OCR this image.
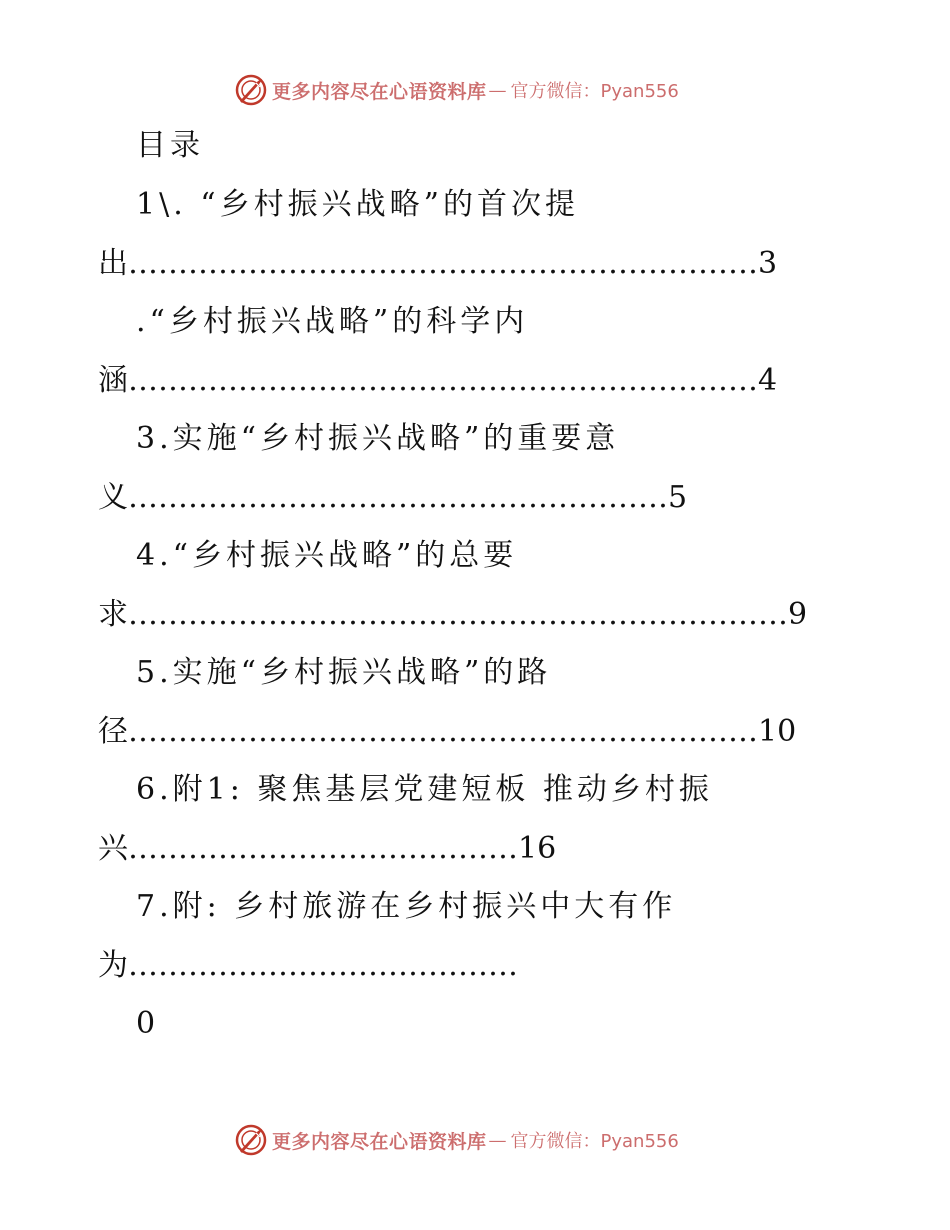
更多内容尽在心语资料库 — 官方微信：Pyan556
目录
1\. “乡村振兴战略”的首次提
出………………………………………………………3
.“乡村振兴战略”的科学内
涵………………………………………………………4
3.实施“乡村振兴战略”的重要意
义………………………………………………5
4.“乡村振兴战略”的总要
求…………………………………………………………9
5.实施“乡村振兴战略”的路
径………………………………………………………10
6.附1: 聚焦基层党建短板 推动乡村振
兴…………………………………16
7.附: 乡村旅游在乡村振兴中大有作
为…………………………………
0
更多内容尽在心语资料库 — 官方微信：Pyan556
